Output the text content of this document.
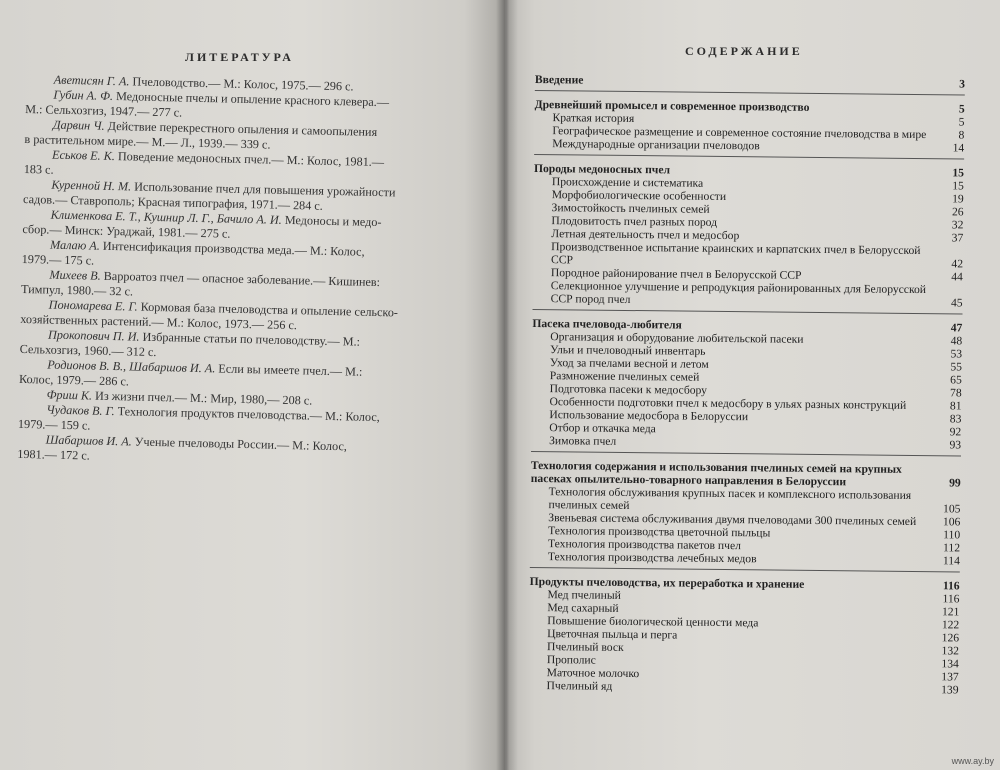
ЛИТЕРАТУРА
Аветисян Г. А. Пчеловодство.— М.: Колос, 1975.— 296 с.
Губин А. Ф. Медоносные пчелы и опыление красного клевера.—
М.: Сельхозгиз, 1947.— 277 с.
Дарвин Ч. Действие перекрестного опыления и самоопыления
в растительном мире.— М.— Л., 1939.— 339 с.
Еськов Е. К. Поведение медоносных пчел.— М.: Колос, 1981.—
183 с.
Куренной Н. М. Использование пчел для повышения урожайности
садов.— Ставрополь; Красная типография, 1971.— 284 с.
Клименкова Е. Т., Кушнир Л. Г., Бачило А. И. Медоносы и медо-
сбор.— Минск: Ураджай, 1981.— 275 с.
Малаю А. Интенсификация производства меда.— М.: Колос,
1979.— 175 с.
Михеев В. Варроатоз пчел — опасное заболевание.— Кишинев:
Тимпул, 1980.— 32 с.
Пономарева Е. Г. Кормовая база пчеловодства и опыление сельско-
хозяйственных растений.— М.: Колос, 1973.— 256 с.
Прокопович П. И. Избранные статьи по пчеловодству.— М.:
Сельхозгиз, 1960.— 312 с.
Родионов В. В., Шабаршов И. А. Если вы имеете пчел.— М.:
Колос, 1979.— 286 с.
Фриш К. Из жизни пчел.— М.: Мир, 1980,— 208 с.
Чудаков В. Г. Технология продуктов пчеловодства.— М.: Колос,
1979.— 159 с.
Шабаршов И. А. Ученые пчеловоды России.— М.: Колос,
1981.— 172 с.
СОДЕРЖАНИЕ
Введение	3
Древнейший промысел и современное производство	5
Краткая история	5
Географическое размещение и современное состояние пчеловодства в мире	8
Международные организации пчеловодов	14
Породы медоносных пчел	15
Происхождение и систематика	15
Морфобиологические особенности	19
Зимостойкость пчелиных семей	26
Плодовитость пчел разных пород	32
Летная деятельность пчел и медосбор	37
Производственное испытание краинских и карпатских пчел в Белорусской ССР	42
Породное районирование пчел в Белорусской ССР	44
Селекционное улучшение и репродукция районированных для Белорусской ССР пород пчел	45
Пасека пчеловода-любителя	47
Организация и оборудование любительской пасеки	48
Ульи и пчеловодный инвентарь	53
Уход за пчелами весной и летом	55
Размножение пчелиных семей	65
Подготовка пасеки к медосбору	78
Особенности подготовки пчел к медосбору в ульях разных конструкций	81
Использование медосбора в Белоруссии	83
Отбор и откачка меда	92
Зимовка пчел	93
Технология содержания и использования пчелиных семей на крупных пасеках опылительно-товарного направления в Белоруссии	99
Технология обслуживания крупных пасек и комплексного использования пчелиных семей	105
Звеньевая система обслуживания двумя пчеловодами 300 пчелиных семей	106
Технология производства цветочной пыльцы	110
Технология производства пакетов пчел	112
Технология производства лечебных медов	114
Продукты пчеловодства, их переработка и хранение	116
Мед пчелиный	116
Мед сахарный	121
Повышение биологической ценности меда	122
Цветочная пыльца и перга	126
Пчелиный воск	132
Прополис	134
Маточное молочко	137
Пчелиный яд	139
www.ay.by
